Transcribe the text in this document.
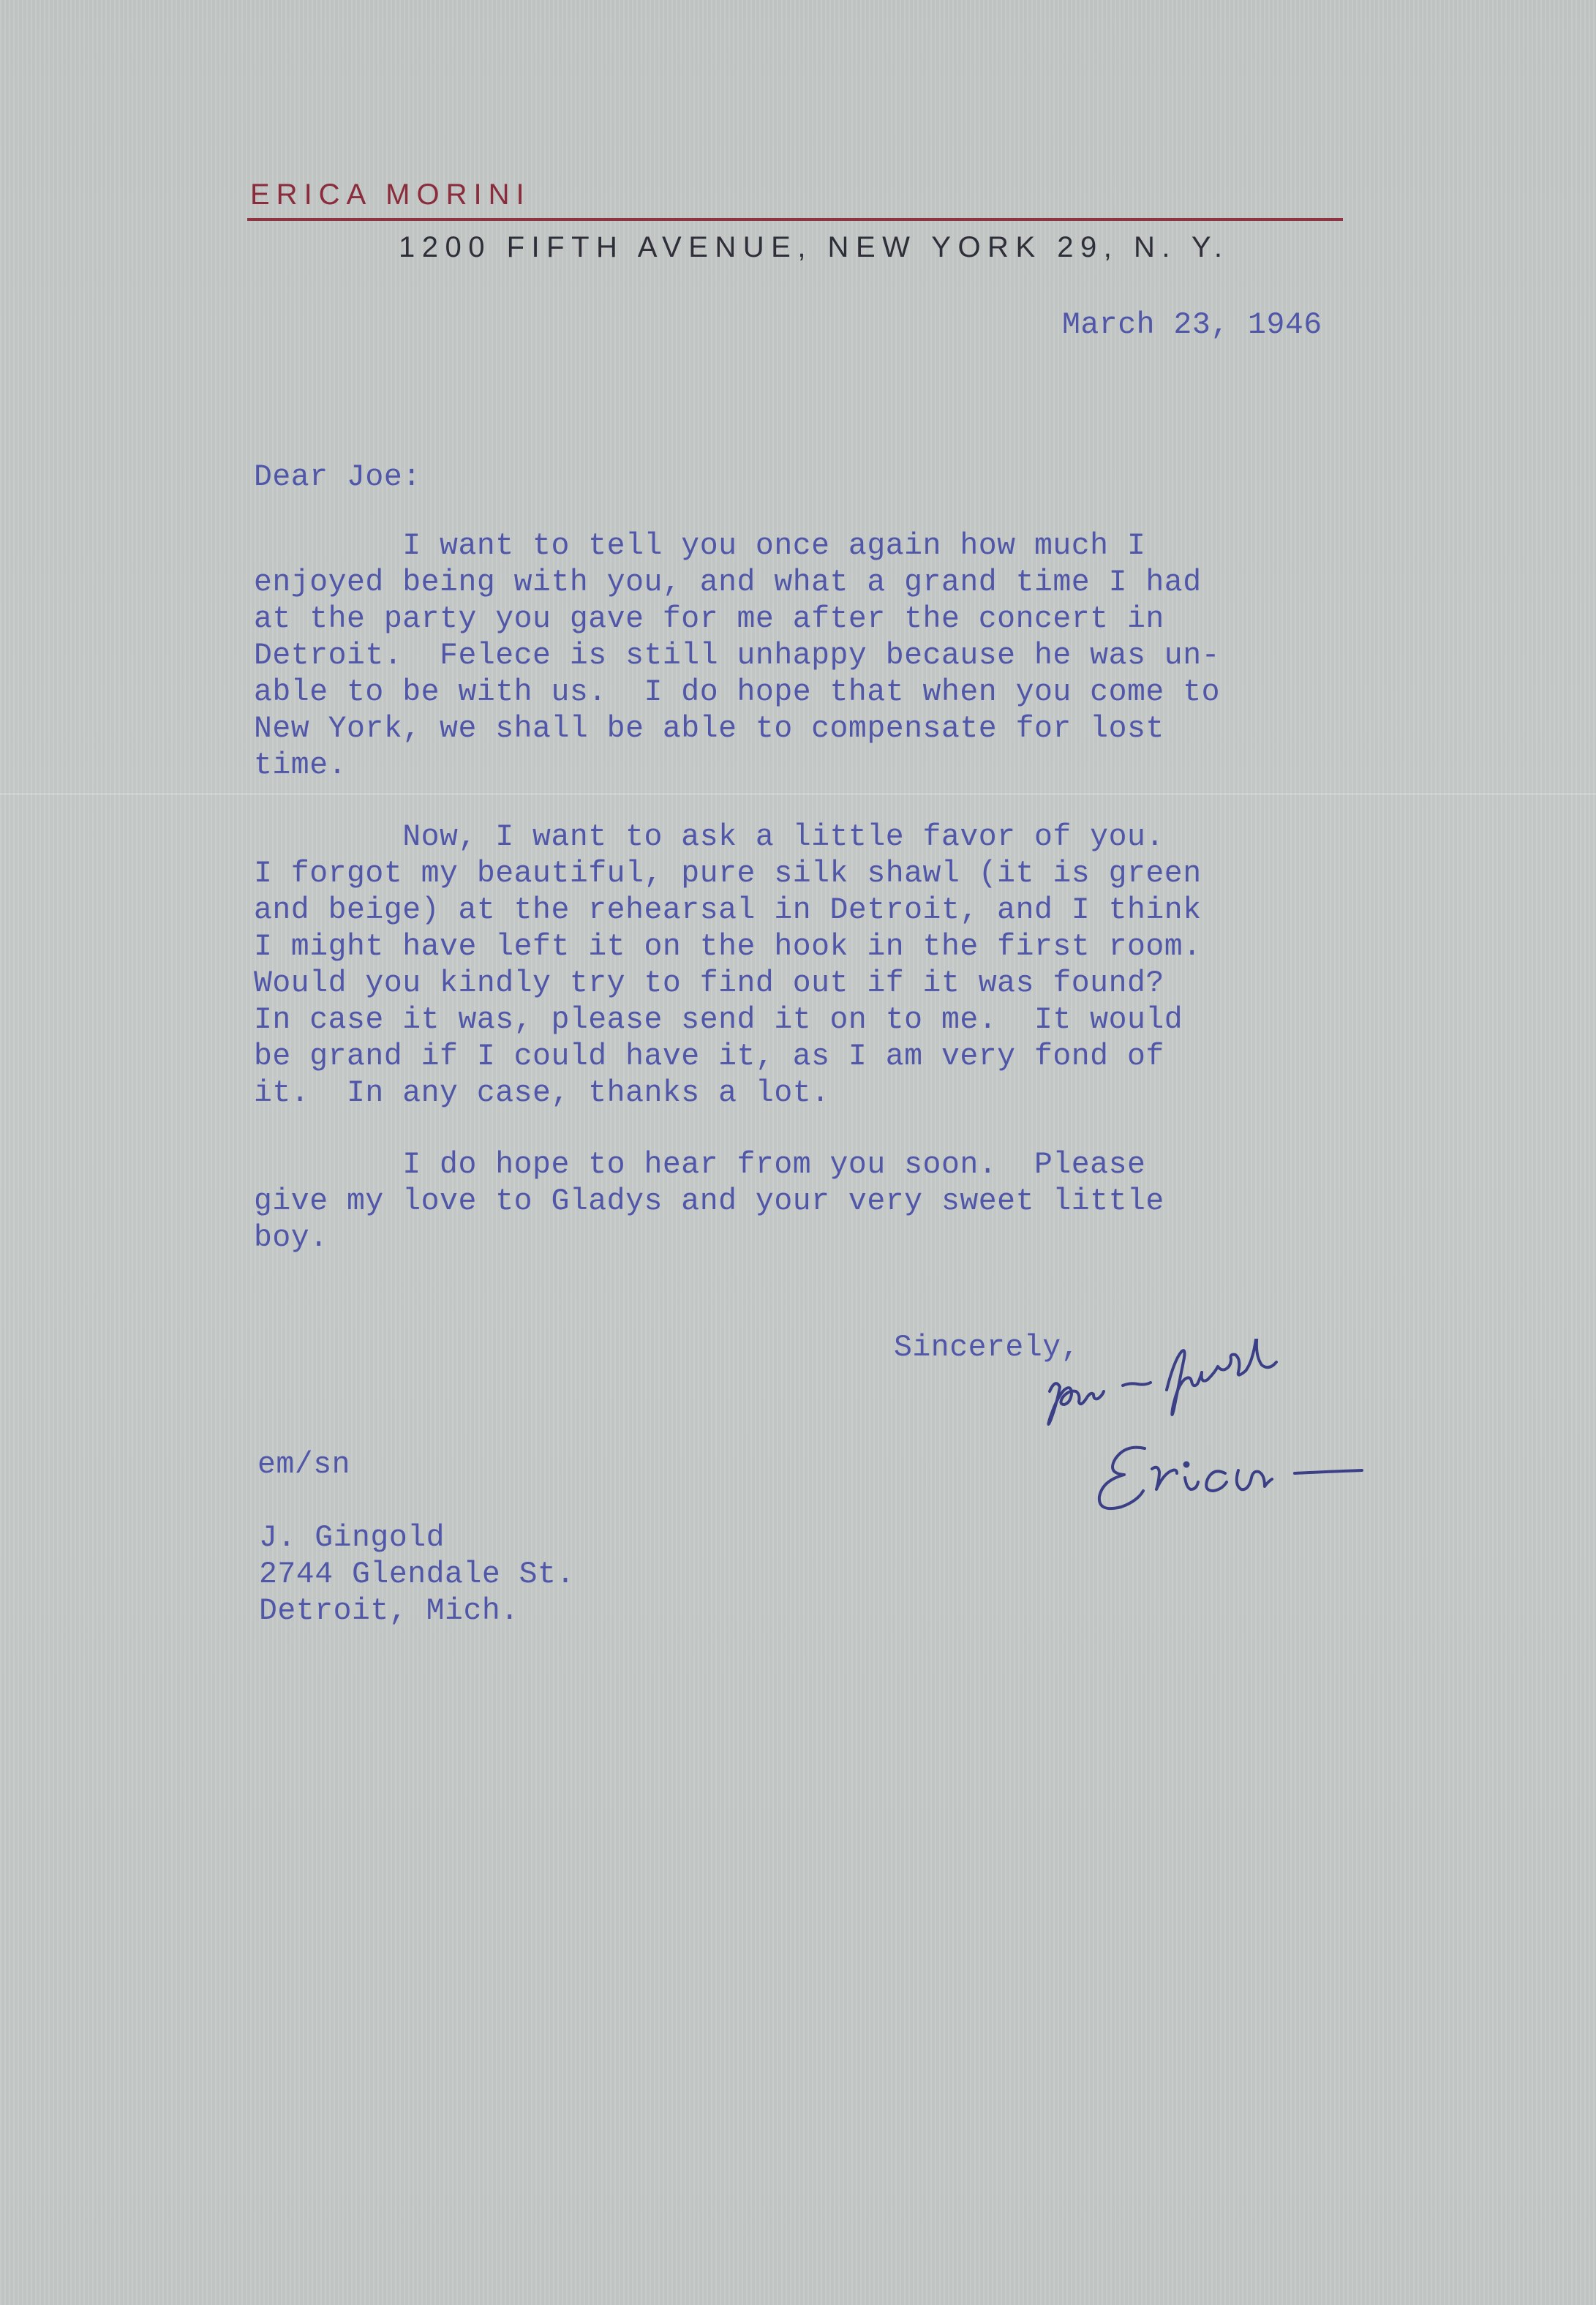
ERICA MORINI
1200 FIFTH AVENUE, NEW YORK 29, N. Y.
March 23, 1946
Dear Joe:
I want to tell you once again how much I
enjoyed being with you, and what a grand time I had
at the party you gave for me after the concert in
Detroit.  Felece is still unhappy because he was un-
able to be with us.  I do hope that when you come to
New York, we shall be able to compensate for lost
time.
Now, I want to ask a little favor of you.
I forgot my beautiful, pure silk shawl (it is green
and beige) at the rehearsal in Detroit, and I think
I might have left it on the hook in the first room.
Would you kindly try to find out if it was found?
In case it was, please send it on to me.  It would
be grand if I could have it, as I am very fond of
it.  In any case, thanks a lot.
I do hope to hear from you soon.  Please
give my love to Gladys and your very sweet little
boy.
Sincerely,
em/sn
J. Gingold
2744 Glendale St.
Detroit, Mich.
